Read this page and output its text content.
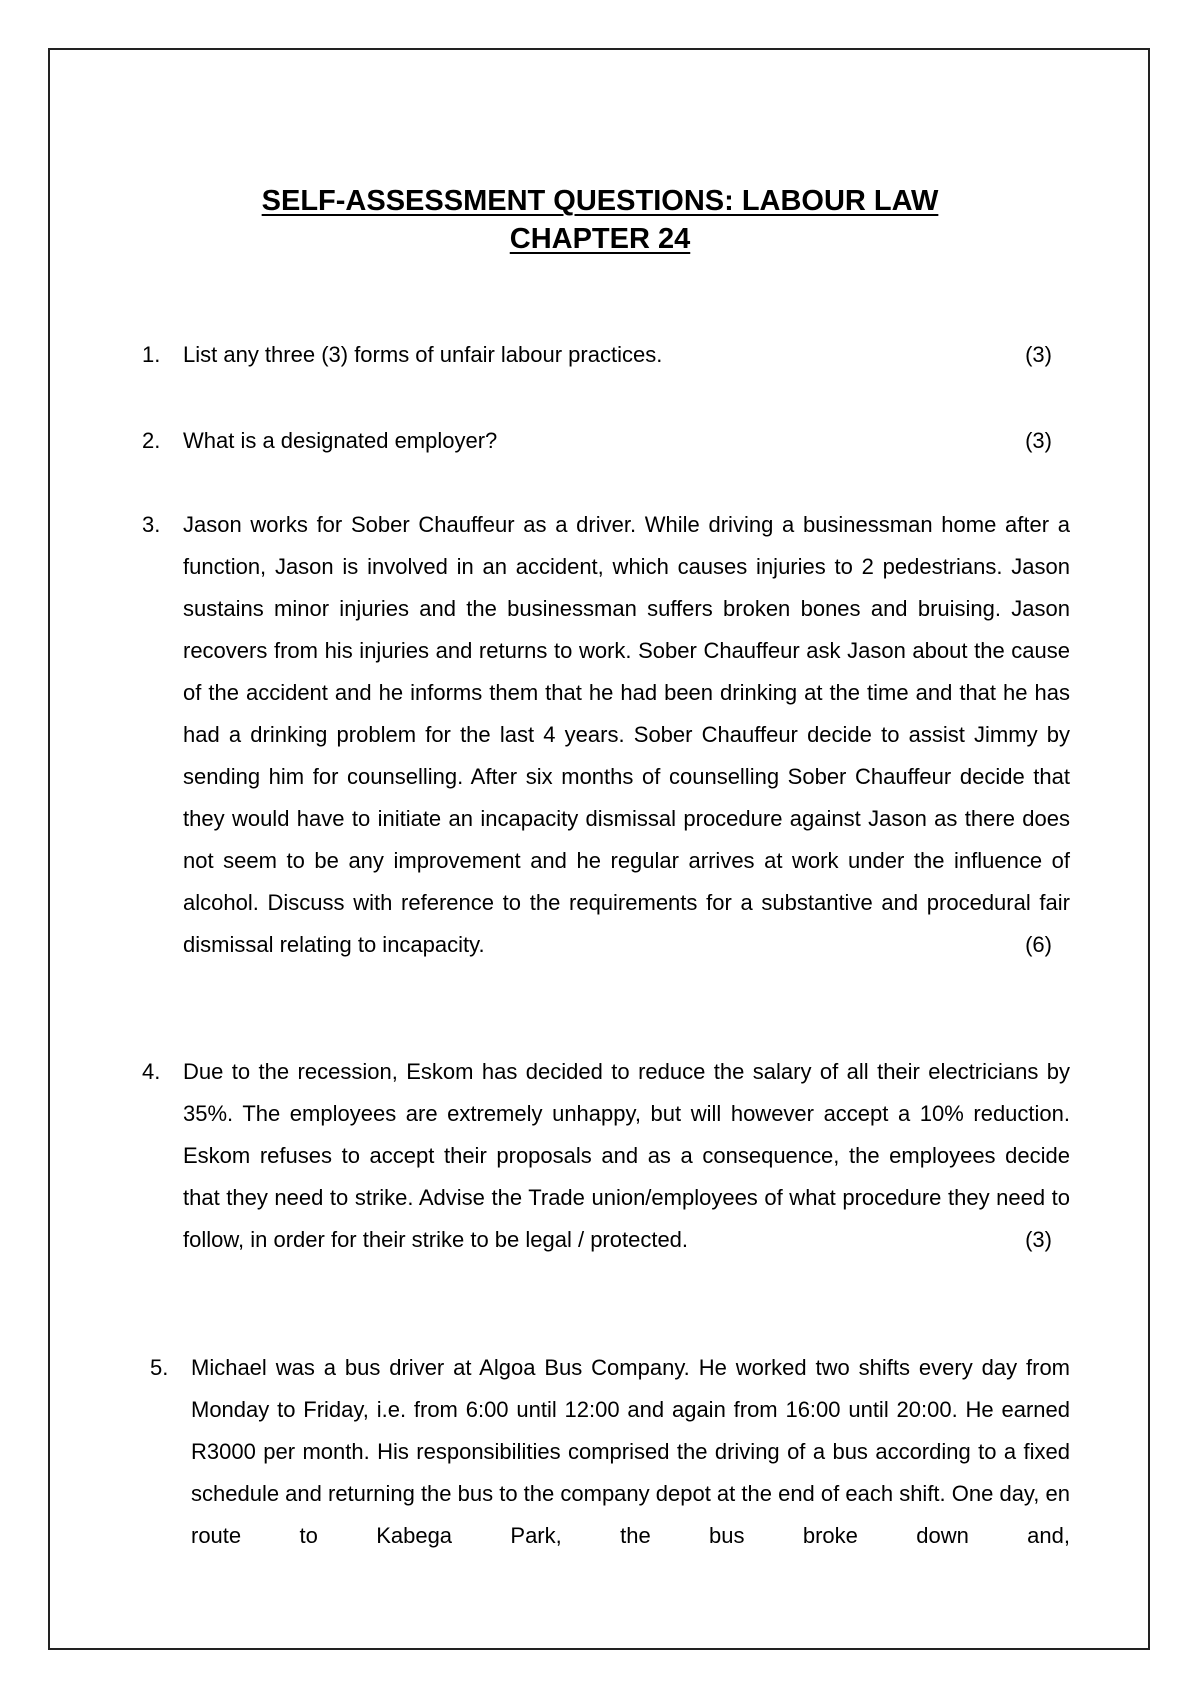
SELF-ASSESSMENT QUESTIONS: LABOUR LAW
CHAPTER 24
1.	List any three (3) forms of unfair labour practices.	(3)
2.	What is a designated employer?	(3)
3.	Jason works for Sober Chauffeur as a driver. While driving a businessman home after a function, Jason is involved in an accident, which causes injuries to 2 pedestrians. Jason sustains minor injuries and the businessman suffers broken bones and bruising. Jason recovers from his injuries and returns to work. Sober Chauffeur ask Jason about the cause of the accident and he informs them that he had been drinking at the time and that he has had a drinking problem for the last 4 years. Sober Chauffeur decide to assist Jimmy by sending him for counselling. After six months of counselling Sober Chauffeur decide that they would have to initiate an incapacity dismissal procedure against Jason as there does not seem to be any improvement and he regular arrives at work under the influence of alcohol. Discuss with reference to the requirements for a substantive and procedural fair dismissal relating to incapacity.	(6)
4.	Due to the recession, Eskom has decided to reduce the salary of all their electricians by 35%. The employees are extremely unhappy, but will however accept a 10% reduction. Eskom refuses to accept their proposals and as a consequence, the employees decide that they need to strike. Advise the Trade union/employees of what procedure they need to follow, in order for their strike to be legal / protected.	(3)
5.	Michael was a bus driver at Algoa Bus Company. He worked two shifts every day from Monday to Friday, i.e. from 6:00 until 12:00 and again from 16:00 until 20:00. He earned R3000 per month. His responsibilities comprised the driving of a bus according to a fixed schedule and returning the bus to the company depot at the end of each shift. One day, en route to Kabega Park, the bus broke down and,
